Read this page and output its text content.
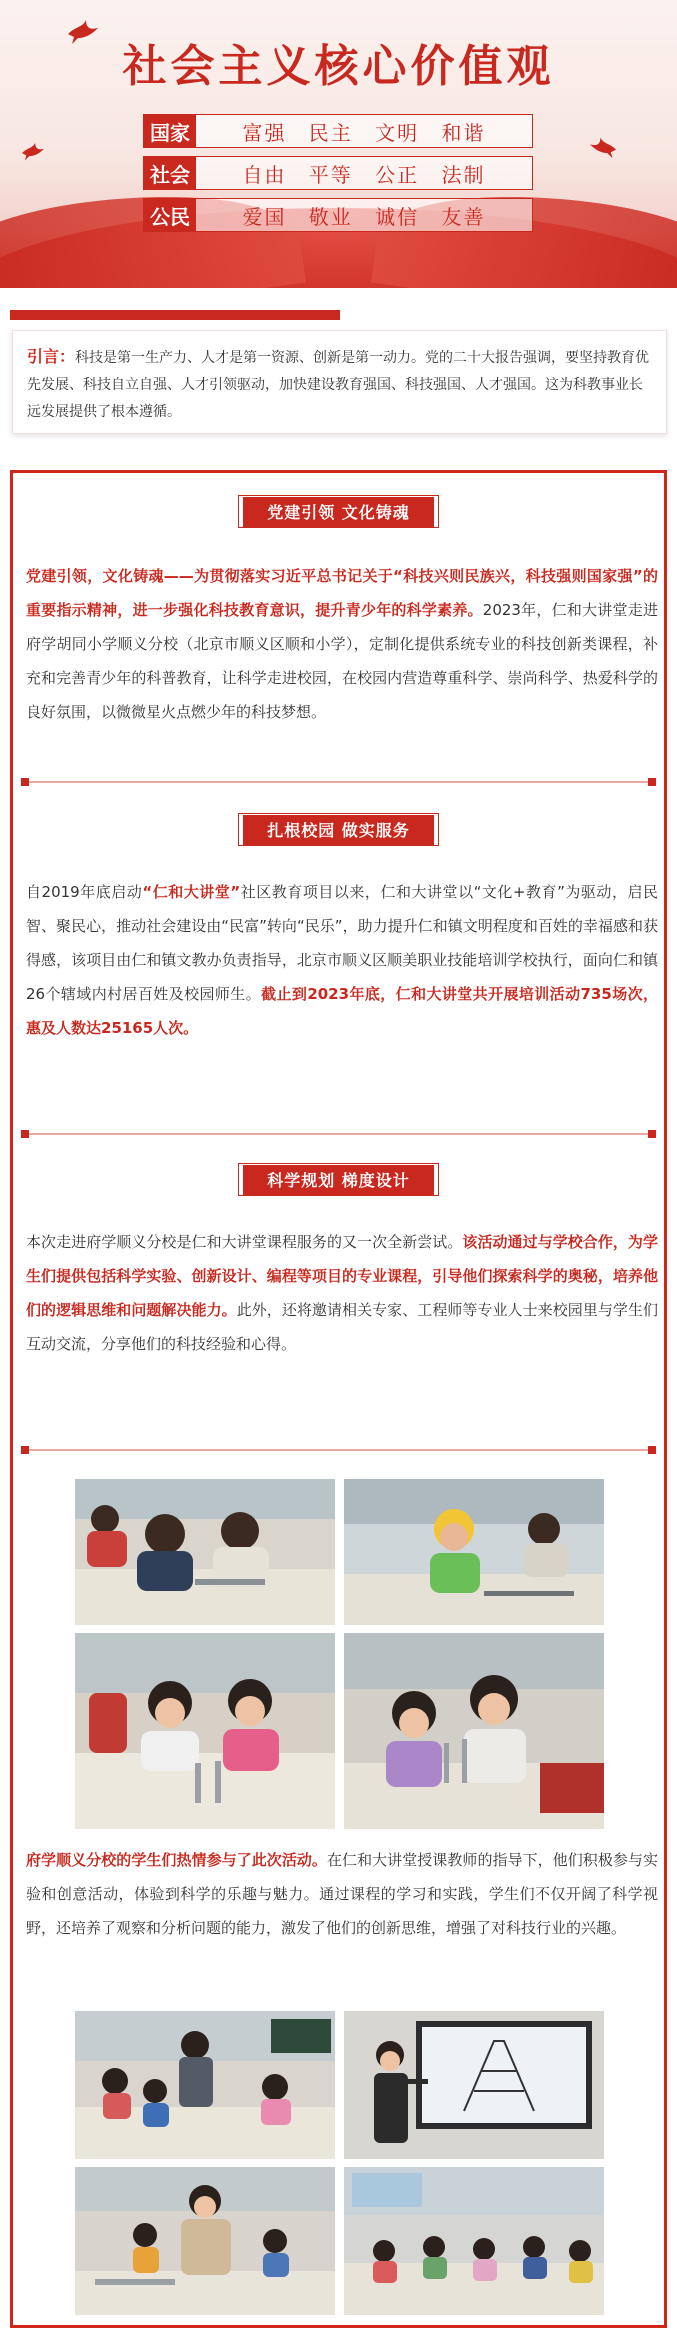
社会主义核心价值观
国家	富强 民主 文明 和谐
社会	自由 平等 公正 法制
公民	爱国 敬业 诚信 友善
引言：科技是第一生产力、人才是第一资源、创新是第一动力。党的二十大报告强调，要坚持教育优先发展、科技自立自强、人才引领驱动，加快建设教育强国、科技强国、人才强国。这为科教事业长远发展提供了根本遵循。
党建引领 文化铸魂
党建引领，文化铸魂——为贯彻落实习近平总书记关于“科技兴则民族兴，科技强则国家强”的重要指示精神，进一步强化科技教育意识，提升青少年的科学素养。2023年，仁和大讲堂走进府学胡同小学顺义分校（北京市顺义区顺和小学），定制化提供系统专业的科技创新类课程，补充和完善青少年的科普教育，让科学走进校园，在校园内营造尊重科学、崇尚科学、热爱科学的良好氛围，以微微星火点燃少年的科技梦想。
扎根校园 做实服务
自2019年底启动“仁和大讲堂”社区教育项目以来，仁和大讲堂以“文化+教育”为驱动，启民智、聚民心，推动社会建设由“民富”转向“民乐”，助力提升仁和镇文明程度和百姓的幸福感和获得感，该项目由仁和镇文教办负责指导，北京市顺义区顺美职业技能培训学校执行，面向仁和镇26个辖域内村居百姓及校园师生。截止到2023年底，仁和大讲堂共开展培训活动735场次，惠及人数达25165人次。
科学规划 梯度设计
本次走进府学顺义分校是仁和大讲堂课程服务的又一次全新尝试。该活动通过与学校合作，为学生们提供包括科学实验、创新设计、编程等项目的专业课程，引导他们探索科学的奥秘，培养他们的逻辑思维和问题解决能力。此外，还将邀请相关专家、工程师等专业人士来校园里与学生们互动交流，分享他们的科技经验和心得。
府学顺义分校的学生们热情参与了此次活动。在仁和大讲堂授课教师的指导下，他们积极参与实验和创意活动，体验到科学的乐趣与魅力。通过课程的学习和实践，学生们不仅开阔了科学视野，还培养了观察和分析问题的能力，激发了他们的创新思维，增强了对科技行业的兴趣。
